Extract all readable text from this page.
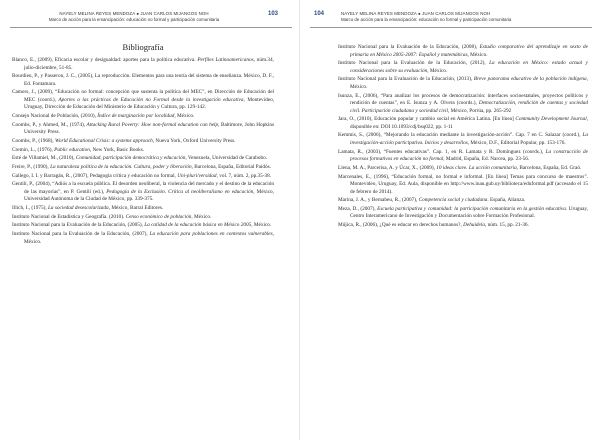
NAYELY MELINA REYES MENDOZA ● JUAN CARLOS MIJANGOS NOH
Marco de acción para la emancipación: educación no formal y participación comunitaria
103
Bibliografía
Blanco, E., (2009), Eficacia escolar y desigualdad: aportes para la política educativa. Perfiles Latinoamericanos, núm.34, julio-diciembre, 51-85.
Bourdieu, P., y Passeron, J. C., (2005), La reproducción. Elementos para una teoría del sistema de enseñanza. México, D. F., Ed. Fontamara.
Camors, J., (2009), “Educación no formal: concepción que sustenta la política del MEC”, en Dirección de Educación del MEC (coord.), Aportes a las prácticas de Educación no Formal desde la investigación educativa, Montevideo, Uruguay, Dirección de Educación del Ministerio de Educación y Cultura, pp. 129-142.
Consejo Nacional de Población, (2010), Índice de marginación por localidad, México.
Coombs, P., y Ahmed, M., (1974), Attacking Rural Poverty: How non-formal education can help, Baltimore, John Hopkins University Press.
Coombs, P., (1968), World Educational Crisis: a systems approach, Nueva York, Oxford University Press.
Cremin, L., (1976), Public education, New York, Basic Books.
Esté de Villamiel, M., (2010), Comunidad, participación democrática y educación, Venezuela, Universidad de Carabobo.
Freire, P., (1990), La naturaleza política de la educación. Cultura, poder y liberación, Barcelona, España, Editorial Paidós.
Gallego, I. I. y Barragán, R., (2007), Pedagogía crítica y educación no formal, Uni-pluri/versidad, vol. 7, núm. 2, pp.35-38.
Gentili, P., (2004), “Adiós a la escuela pública. El desorden neoliberal, la violencia del mercado y el destino de la educación de las mayorías”, en P. Gentili (ed.), Pedagogía de la Exclusión. Crítica al neoliberalismo en educación, México, Universidad Autónoma de la Ciudad de México, pp. 339-375.
Illich, I., (1975), La sociedad desescolarizada, México, Barral Editores.
Instituto Nacional de Estadística y Geografía. (2010). Censo económico de población, México.
Instituto Nacional para la Evaluación de la Educación, (2005), La calidad de la educación básica en México 2005, México.
Instituto Nacional para la Evaluación de la Educación, (2007), La educación para poblaciones en contextos vulnerables, México.
104	NAYELY MELINA REYES MENDOZA ● JUAN CARLOS MIJANGOS NOH
Marco de acción para la emancipación: educación no formal y participación comunitaria
Instituto Nacional para la Evaluación de la Educación, (2008), Estudio comparativo del aprendizaje en sexto de primaria en México 2005-2007: Español y matemáticas, México.
Instituto Nacional para la Evaluación de la Educación, (2012), La educación en México: estado actual y consideraciones sobre su evaluación, México.
Instituto Nacional para la Evaluación de la Educación, (2013), Breve panorama educativo de la población indígena, México.
Isunza, E., (2006), “Para analizar los procesos de democratización: interfaces socioestatales, proyectos políticos y rendición de cuentas”, en E. Isunza y A. Olvera (coords.), Democratización, rendición de cuentas y sociedad civil. Participación ciudadana y sociedad civil, México, Porrúa, pp. 265-292
Jara, O., (2010), Educación popular y cambio social en América Latina. [En línea] Community Development Journal, disponible en: DOI 10.1093/cdj/bsq022, pp. 1-11
Kemmis, S., (2006), “Mejorando la educación mediante la investigación-acción”. Cap. 7 en C. Salazar (coord.), La investigación-acción participativa. Inicios y desarrollos, México, D.F., Editorial Popular, pp. 153-176.
Lamata, R., (2003), “Fuentes educativas”. Cap. 1, en R. Lamata y R. Domínguez (coords.), La construcción de procesos formativos en educación no formal, Madrid, España, Ed. Narcea, pp. 23-56.
Llena, M. A., Parcerisa, A. y Úcar, X., (2009), 10 ideas clave. La acción comunitaria, Barcelona, España, Ed. Graó.
Marcenales, E., (1996), “Educación formal, no formal e informal. [En línea] Temas para concurso de maestros”. Montevideo, Uruguay, Ed. Aula, disponible en http://www.inau.gub.uy/biblioteca/eduformal.pdf (accesado el 15 de febrero de 2014).
Marina, J. A., y Bernabeu, R., (2007), Competencia social y ciudadana. España, Alianza.
Meza, D., (2007), Escuela participativa y comunidad: la participación comunitaria en la gestión educativa. Uruguay, Centro Interamericano de Investigación y Documentación sobre Formación Profesional.
Mújica, R., (2006), ¿Qué es educar en derechos humanos?, Dehuidela, núm. 15, pp. 21-36.
